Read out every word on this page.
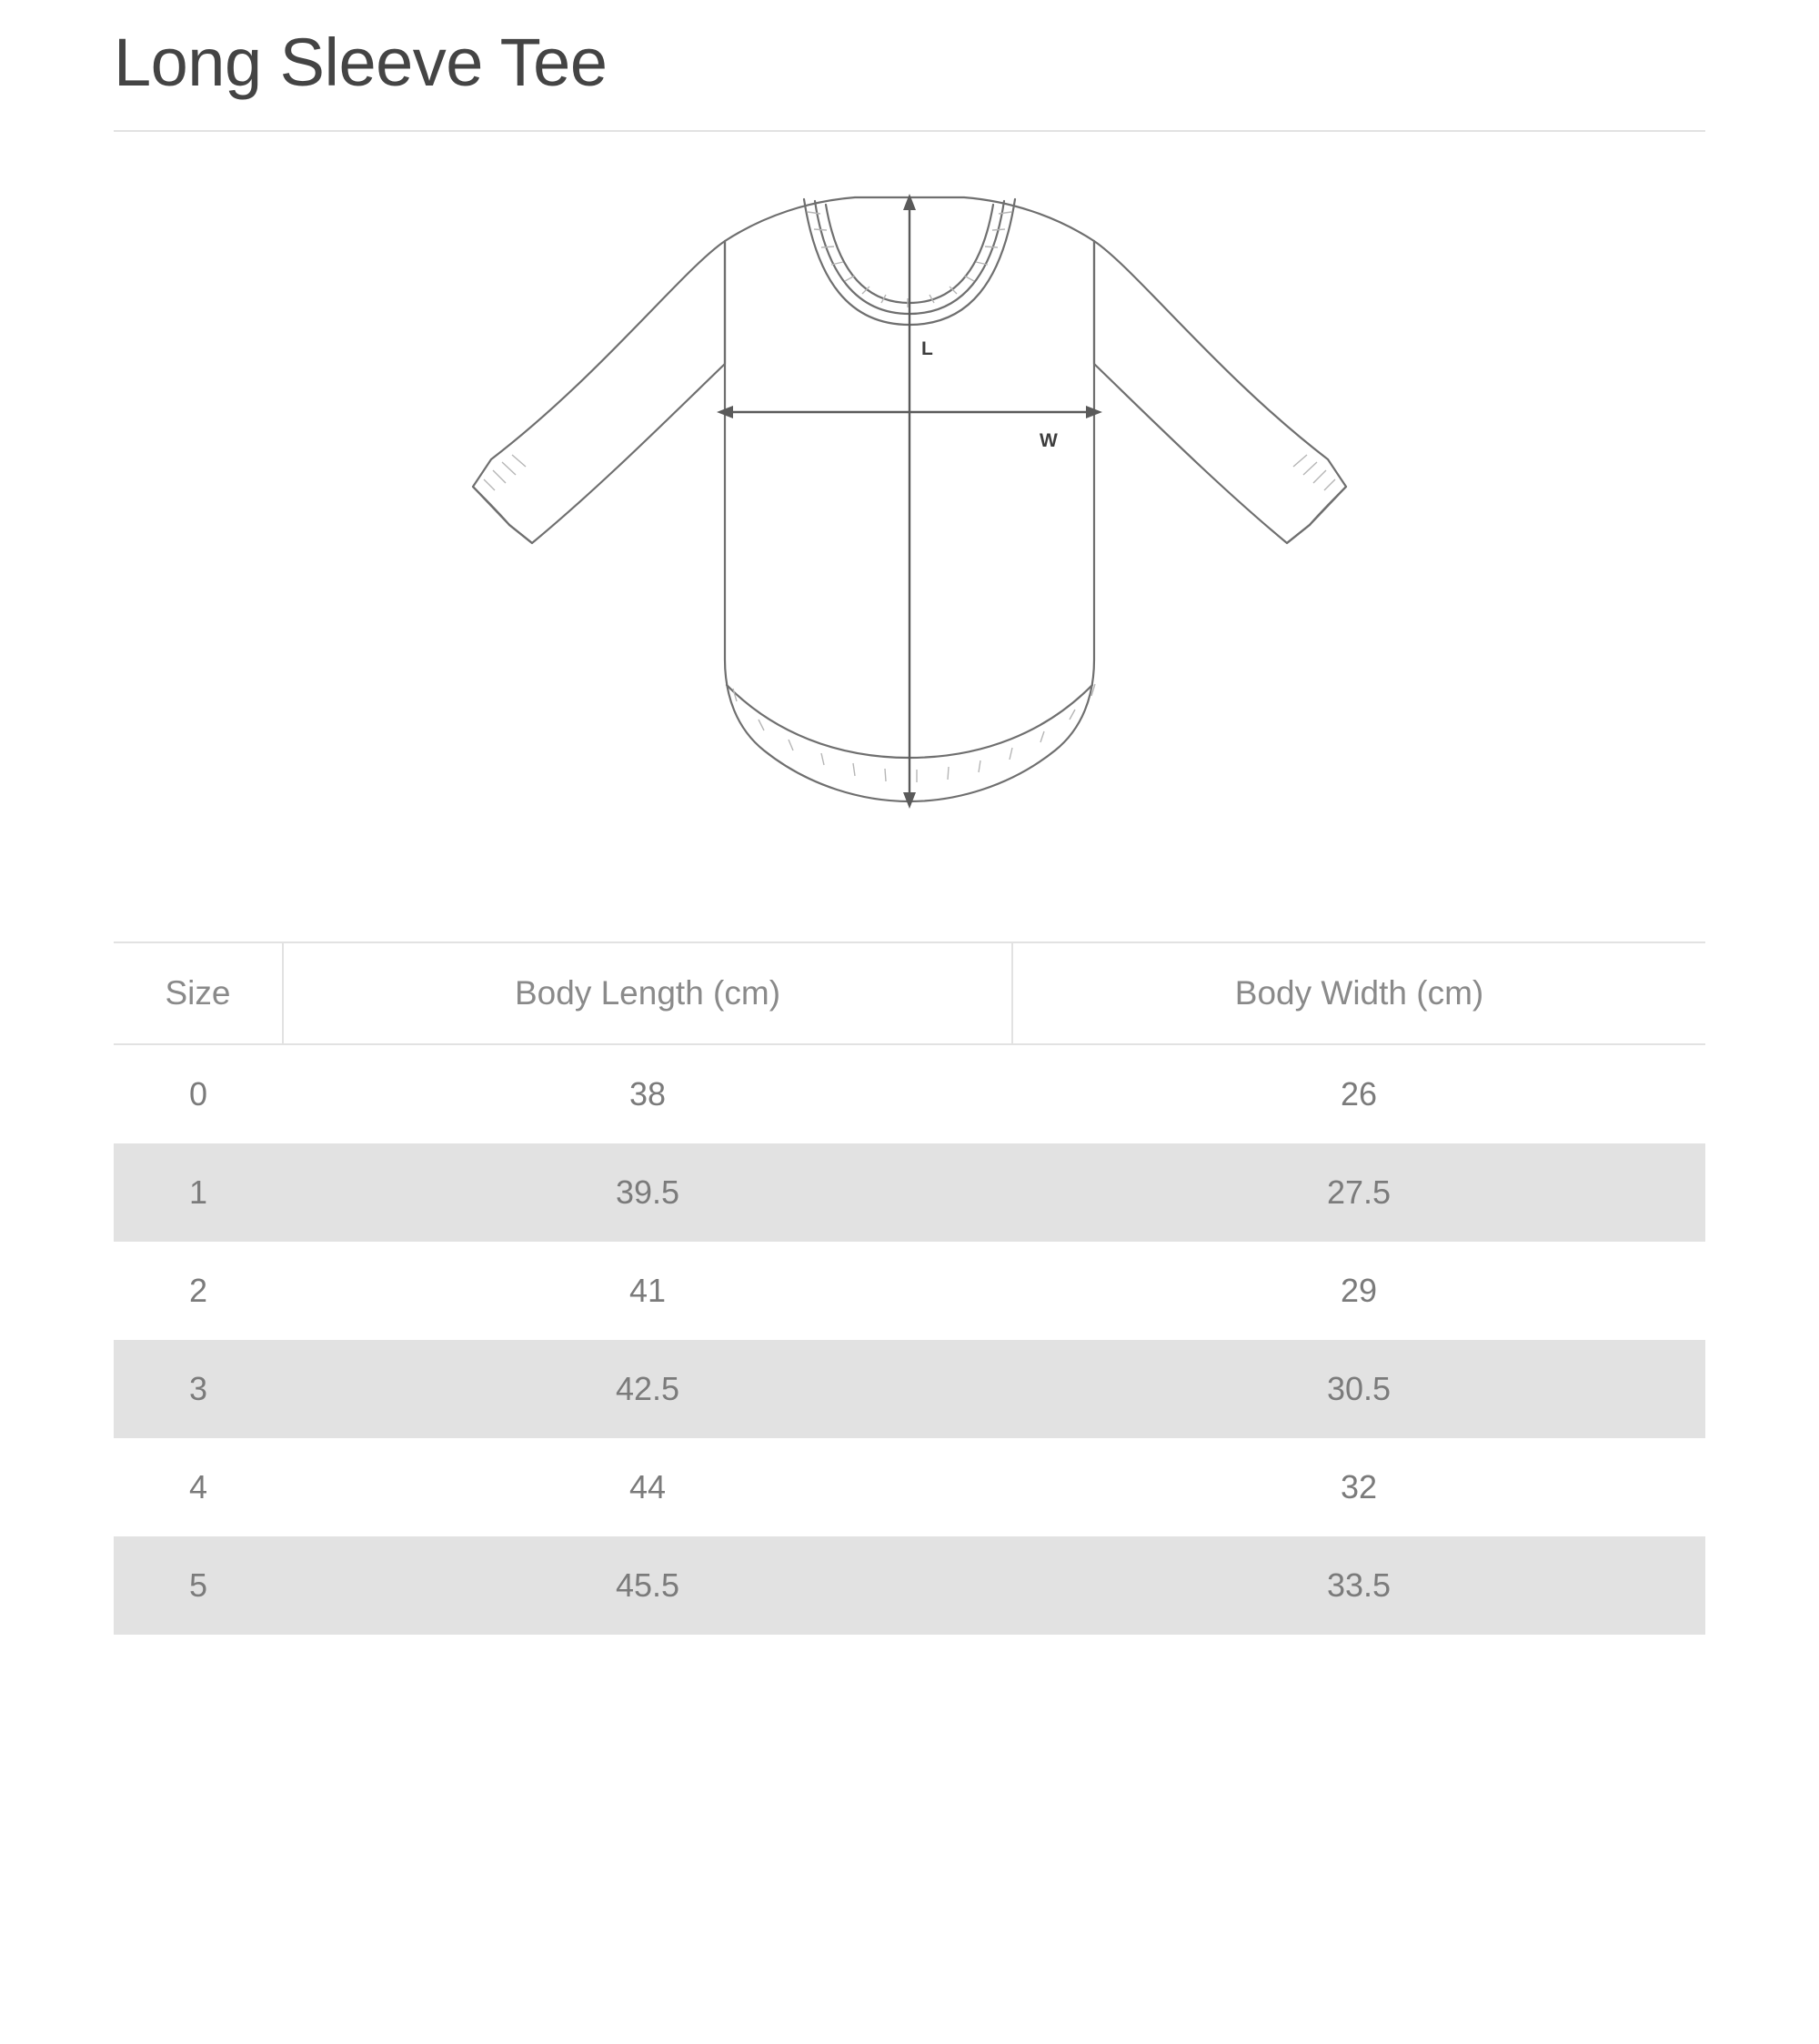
Long Sleeve Tee
L
W
Size	Body Length (cm)	Body Width (cm)
0	38	26
1	39.5	27.5
2	41	29
3	42.5	30.5
4	44	32
5	45.5	33.5
